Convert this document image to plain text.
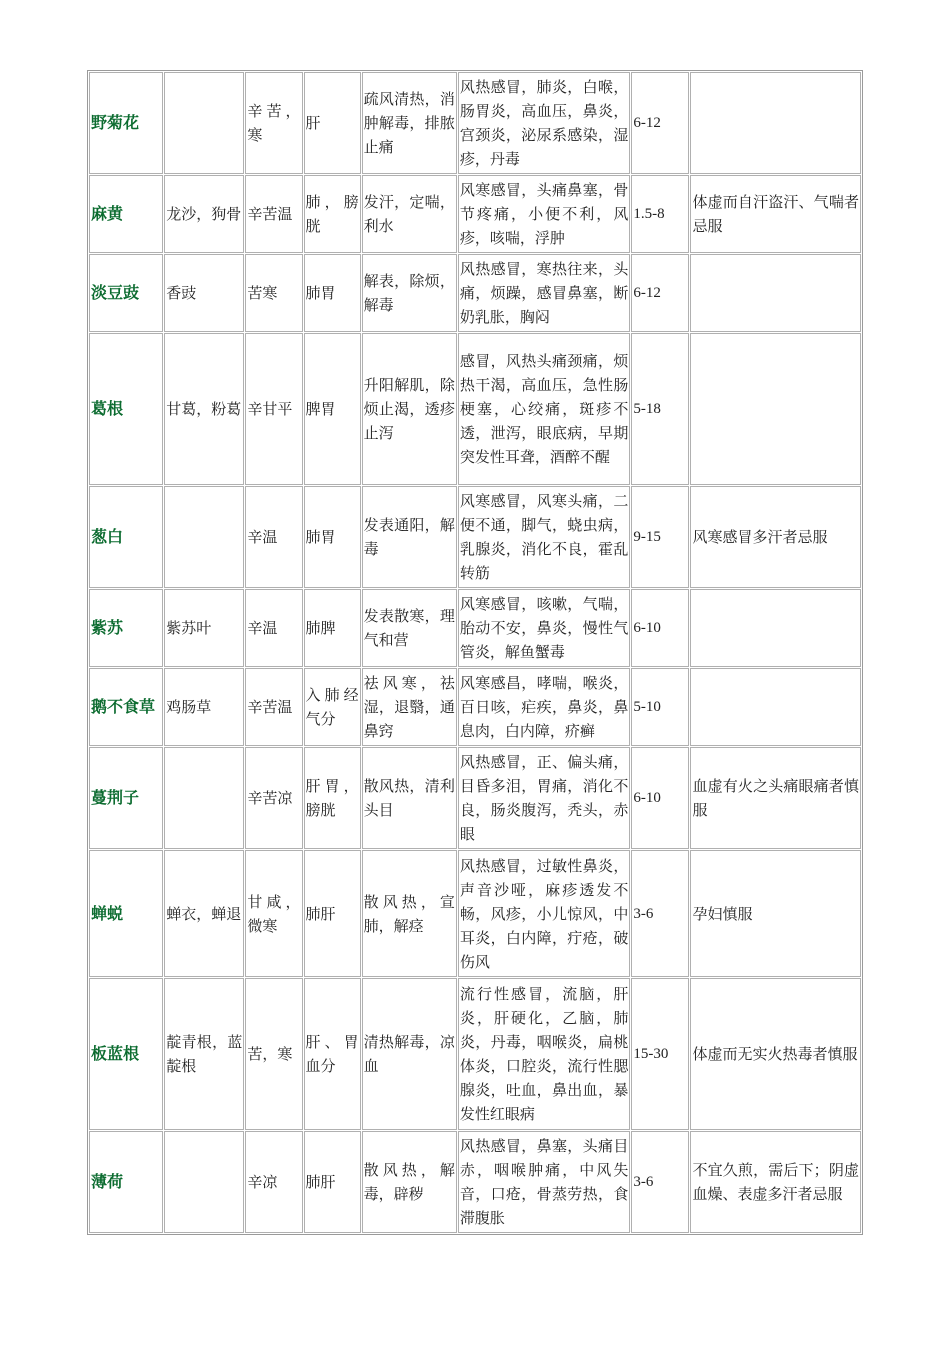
野菊花		辛苦，寒	肝	疏风清热，消肿解毒，排脓止痛	风热感冒，肺炎，白喉，肠胃炎，高血压，鼻炎，宫颈炎，泌尿系感染，湿疹，丹毒	6-12	
麻黄	龙沙，狗骨	辛苦温	肺，膀胱	发汗，定喘，利水	风寒感冒，头痛鼻塞，骨节疼痛，小便不利，风疹，咳喘，浮肿	1.5-8	体虚而自汗盗汗、气喘者忌服
淡豆豉	香豉	苦寒	肺胃	解表，除烦，解毒	风热感冒，寒热往来，头痛，烦躁，感冒鼻塞，断奶乳胀，胸闷	6-12	
葛根	甘葛，粉葛	辛甘平	脾胃	升阳解肌，除烦止渴，透疹止泻	感冒，风热头痛颈痛，烦热干渴，高血压，急性肠梗塞，心绞痛，斑疹不透，泄泻，眼底病，早期突发性耳聋，酒醉不醒	5-18	
葱白		辛温	肺胃	发表通阳，解毒	风寒感冒，风寒头痛，二便不通，脚气，蛲虫病，乳腺炎，消化不良，霍乱转筋	9-15	风寒感冒多汗者忌服
紫苏	紫苏叶	辛温	肺脾	发表散寒，理气和营	风寒感冒，咳嗽，气喘，胎动不安，鼻炎，慢性气管炎，解鱼蟹毒	6-10	
鹅不食草	鸡肠草	辛苦温	入肺经气分	祛风寒，祛湿，退翳，通鼻窍	风寒感昌，哮喘，喉炎，百日咳，疟疾，鼻炎，鼻息肉，白内障，疥癣	5-10	
蔓荆子		辛苦凉	肝胃，膀胱	散风热，清利头目	风热感冒，正、偏头痛，目昏多泪，胃痛，消化不良，肠炎腹泻，秃头，赤眼	6-10	血虚有火之头痛眼痛者慎服
蝉蜕	蝉衣，蝉退	甘咸，微寒	肺肝	散风热，宣肺，解痉	风热感冒，过敏性鼻炎，声音沙哑，麻疹透发不畅，风疹，小儿惊风，中耳炎，白内障，疔疮，破伤风	3-6	孕妇慎服
板蓝根	靛青根，蓝靛根	苦，寒	肝、胃血分	清热解毒，凉血	流行性感冒，流脑，肝炎，肝硬化，乙脑，肺炎，丹毒，咽喉炎，扁桃体炎，口腔炎，流行性腮腺炎，吐血，鼻出血，暴发性红眼病	15-30	体虚而无实火热毒者慎服
薄荷		辛凉	肺肝	散风热，解毒，辟秽	风热感冒，鼻塞，头痛目赤，咽喉肿痛，中风失音，口疮，骨蒸劳热，食滞腹胀	3-6	不宜久煎，需后下；阴虚血燥、表虚多汗者忌服
